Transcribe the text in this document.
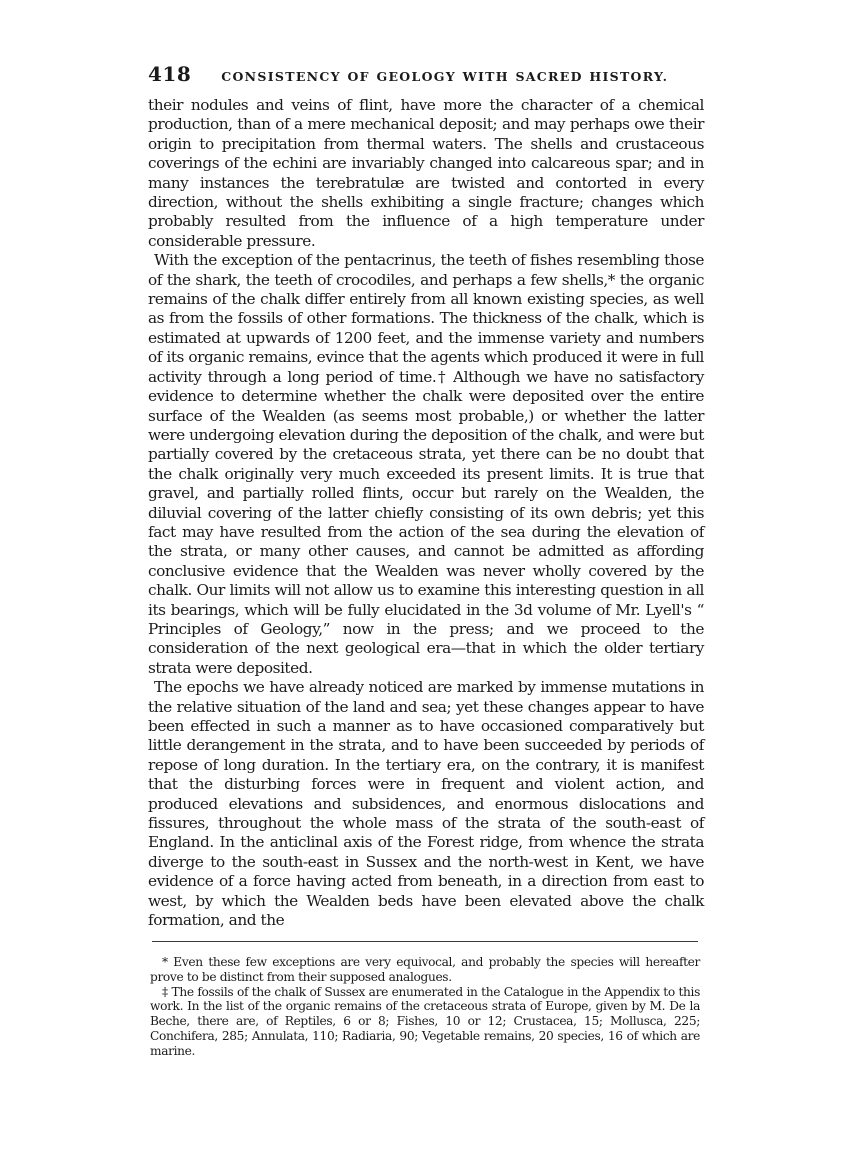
418 CONSISTENCY OF GEOLOGY WITH SACRED HISTORY.

their nodules and veins of flint, have more the character of a chemical production, than of a mere mechanical deposit; and may perhaps owe their origin to precipitation from thermal waters. The shells and crustaceous coverings of the echini are invariably changed into calcareous spar; and in many instances the terebratulæ are twisted and contorted in every direction, without the shells exhibiting a single fracture; changes which probably resulted from the influence of a high temperature under considerable pressure.

With the exception of the pentacrinus, the teeth of fishes resembling those of the shark, the teeth of crocodiles, and perhaps a few shells,* the organic remains of the chalk differ entirely from all known existing species, as well as from the fossils of other formations. The thickness of the chalk, which is estimated at upwards of 1200 feet, and the immense variety and numbers of its organic remains, evince that the agents which produced it were in full activity through a long period of time.† Although we have no satisfactory evidence to determine whether the chalk were deposited over the entire surface of the Wealden (as seems most probable,) or whether the latter were undergoing elevation during the deposition of the chalk, and were but partially covered by the cretaceous strata, yet there can be no doubt that the chalk originally very much exceeded its present limits. It is true that gravel, and partially rolled flints, occur but rarely on the Wealden, the diluvial covering of the latter chiefly consisting of its own debris; yet this fact may have resulted from the action of the sea during the elevation of the strata, or many other causes, and cannot be admitted as affording conclusive evidence that the Wealden was never wholly covered by the chalk. Our limits will not allow us to examine this interesting question in all its bearings, which will be fully elucidated in the 3d volume of Mr. Lyell's “ Principles of Geology,” now in the press; and we proceed to the consideration of the next geological era—that in which the older tertiary strata were deposited.

The epochs we have already noticed are marked by immense mutations in the relative situation of the land and sea; yet these changes appear to have been effected in such a manner as to have occasioned comparatively but little derangement in the strata, and to have been succeeded by periods of repose of long duration. In the tertiary era, on the contrary, it is manifest that the disturbing forces were in frequent and violent action, and produced elevations and subsidences, and enormous dislocations and fissures, throughout the whole mass of the strata of the south-east of England. In the anticlinal axis of the Forest ridge, from whence the strata diverge to the south-east in Sussex and the north-west in Kent, we have evidence of a force having acted from beneath, in a direction from east to west, by which the Wealden beds have been elevated above the chalk formation, and the

* Even these few exceptions are very equivocal, and probably the species will hereafter prove to be distinct from their supposed analogues.

‡ The fossils of the chalk of Sussex are enumerated in the Catalogue in the Appendix to this work. In the list of the organic remains of the cretaceous strata of Europe, given by M. De la Beche, there are, of Reptiles, 6 or 8; Fishes, 10 or 12; Crustacea, 15; Mollusca, 225; Conchifera, 285; Annulata, 110; Radiaria, 90; Vegetable remains, 20 species, 16 of which are marine.
